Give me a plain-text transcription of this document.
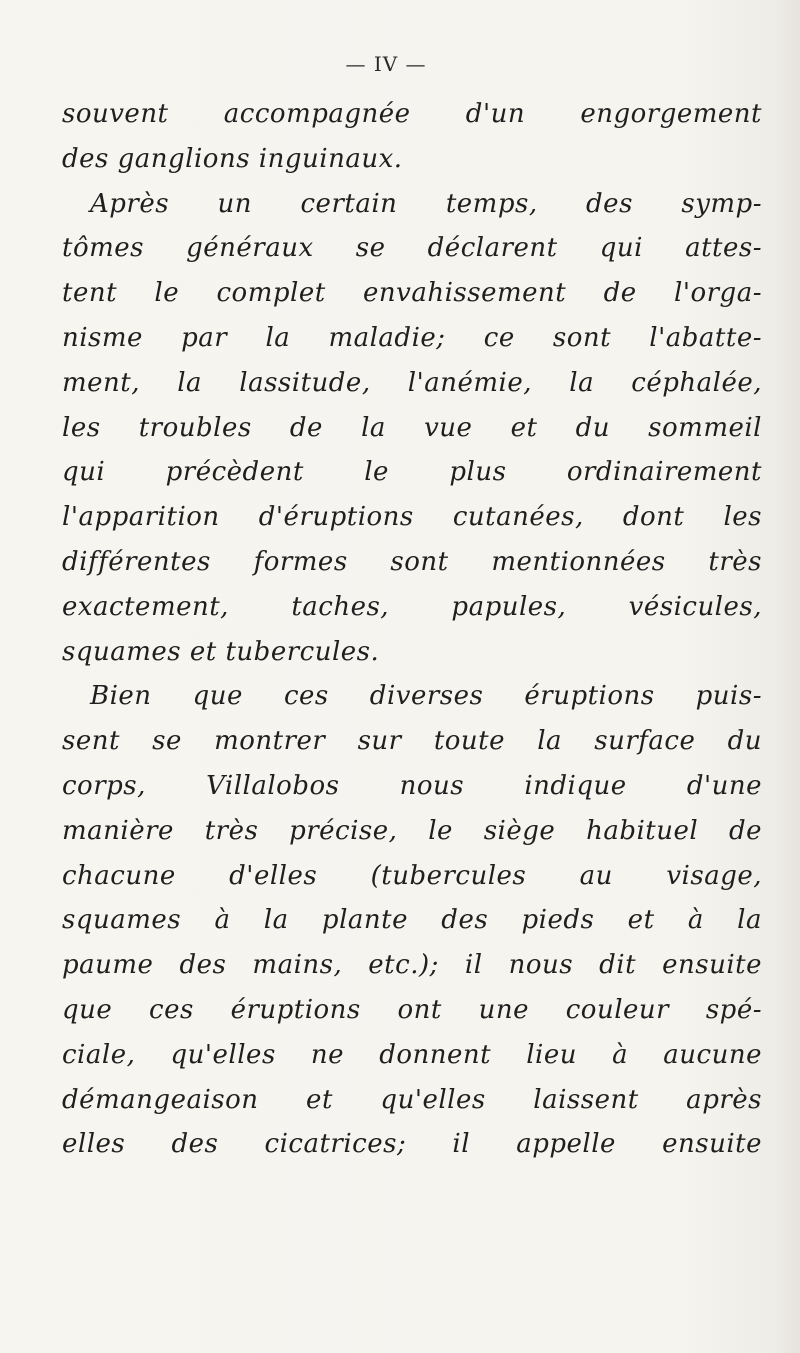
— IV —
souvent accompagnée d'un engorgement
des ganglions inguinaux.
Après un certain temps, des symp-
tômes généraux se déclarent qui attes-
tent le complet envahissement de l'orga-
nisme par la maladie; ce sont l'abatte-
ment, la lassitude, l'anémie, la céphalée,
les troubles de la vue et du sommeil
qui précèdent le plus ordinairement
l'apparition d'éruptions cutanées, dont les
différentes formes sont mentionnées très
exactement, taches, papules, vésicules,
squames et tubercules.
Bien que ces diverses éruptions puis-
sent se montrer sur toute la surface du
corps, Villalobos nous indique d'une
manière très précise, le siège habituel de
chacune d'elles (tubercules au visage,
squames à la plante des pieds et à la
paume des mains, etc.); il nous dit ensuite
que ces éruptions ont une couleur spé-
ciale, qu'elles ne donnent lieu à aucune
démangeaison et qu'elles laissent après
elles des cicatrices; il appelle ensuite
